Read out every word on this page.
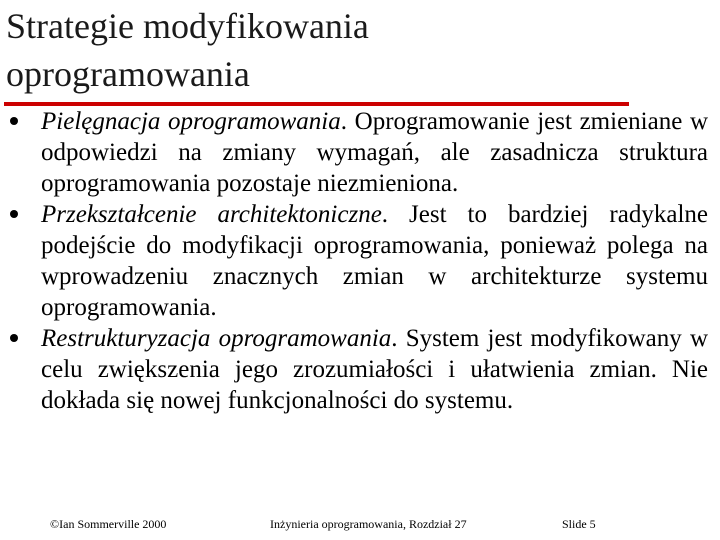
Strategie modyfikowania oprogramowania
Pielęgnacja oprogramowania. Oprogramowanie jest zmieniane w odpowiedzi na zmiany wymagań, ale zasadnicza struktura oprogramowania pozostaje niezmieniona.
Przekształcenie architektoniczne. Jest to bardziej radykalne podejście do modyfikacji oprogramowania, ponieważ polega na wprowadzeniu znacznych zmian w architekturze systemu oprogramowania.
Restrukturyzacja oprogramowania. System jest modyfikowany w celu zwiększenia jego zrozumiałości i ułatwienia zmian. Nie dokłada się nowej funkcjonalności do systemu.
©Ian Sommerville 2000	Inżynieria oprogramowania, Rozdział 27	Slide 5
